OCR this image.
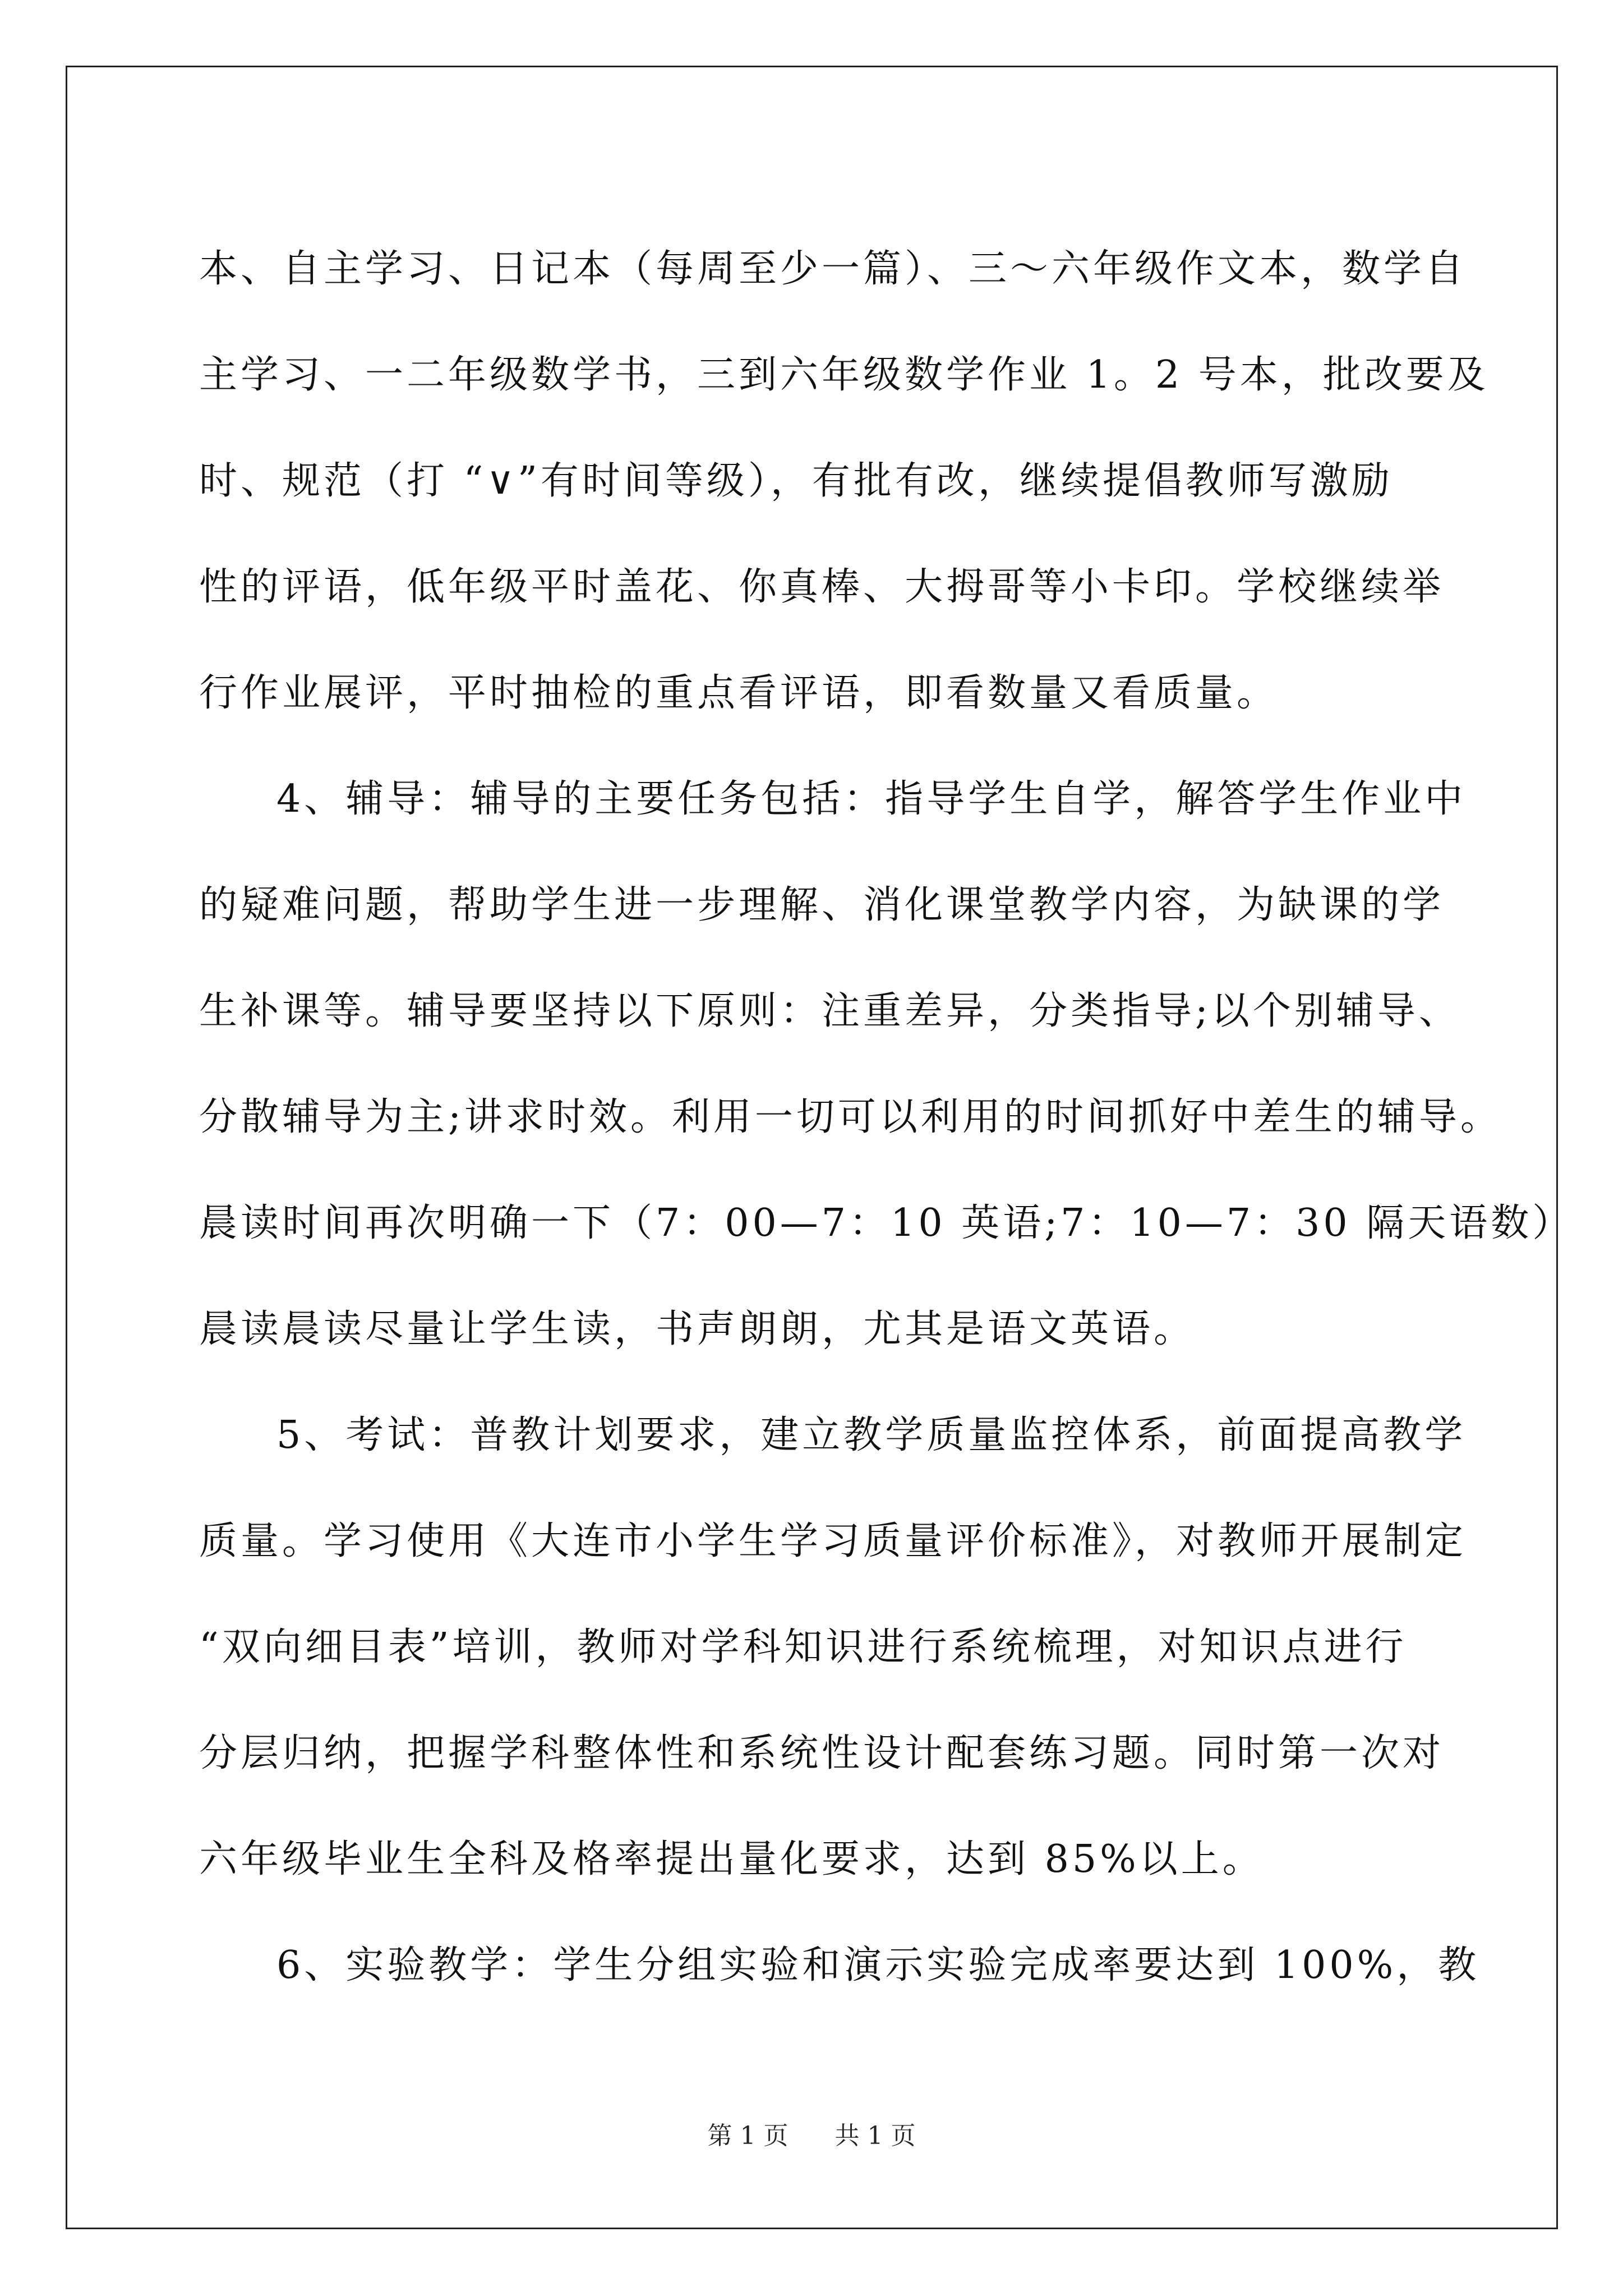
本、自主学习、日记本（每周至少一篇）、三～六年级作文本，数学自
主学习、一二年级数学书，三到六年级数学作业 1。2 号本，批改要及
时、规范（打 “∨”有时间等级），有批有改，继续提倡教师写激励
性的评语，低年级平时盖花、你真棒、大拇哥等小卡印。学校继续举
行作业展评，平时抽检的重点看评语，即看数量又看质量。
4、辅导：辅导的主要任务包括：指导学生自学，解答学生作业中
的疑难问题，帮助学生进一步理解、消化课堂教学内容，为缺课的学
生补课等。辅导要坚持以下原则：注重差异，分类指导;以个别辅导、
分散辅导为主;讲求时效。利用一切可以利用的时间抓好中差生的辅导。
晨读时间再次明确一下（7：00—7：10 英语;7：10—7：30 隔天语数）
晨读晨读尽量让学生读，书声朗朗，尤其是语文英语。
5、考试：普教计划要求，建立教学质量监控体系，前面提高教学
质量。学习使用《大连市小学生学习质量评价标准》，对教师开展制定
“双向细目表”培训，教师对学科知识进行系统梳理，对知识点进行
分层归纳，把握学科整体性和系统性设计配套练习题。同时第一次对
六年级毕业生全科及格率提出量化要求，达到 85%以上。
6、实验教学：学生分组实验和演示实验完成率要达到 100%，教
第 1 页 共 1 页
